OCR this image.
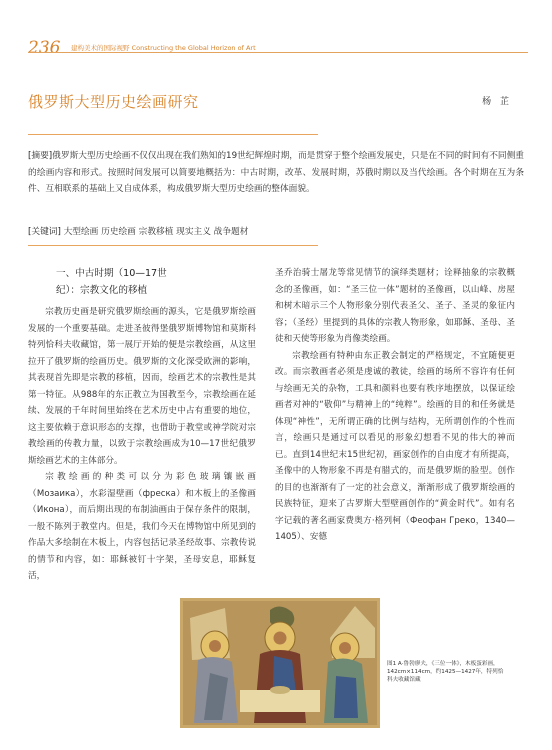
236 建构美术的国际视野 Constructing the Global Horizon of Art
俄罗斯大型历史绘画研究	杨 芷
[摘要]俄罗斯大型历史绘画不仅仅出现在我们熟知的19世纪辉煌时期，而是贯穿于整个绘画发展史，只是在不同的时间有不同侧重的绘画内容和形式。按照时间发展可以简要地概括为：中古时期，改革、发展时期，苏俄时期以及当代绘画。各个时期在互为条件、互相联系的基础上又自成体系，构成俄罗斯大型历史绘画的整体面貌。
[关键词] 大型绘画 历史绘画 宗教移植 现实主义 战争题材
一、中古时期（10—17世
纪）：宗教文化的移植

宗教历史画是研究俄罗斯绘画的源头，它是俄罗斯绘画发展的一个重要基础。走进圣彼得堡俄罗斯博物馆和莫斯科特列恰科夫收藏馆，第一展厅开始的便是宗教绘画，从这里拉开了俄罗斯的绘画历史。俄罗斯的文化深受欧洲的影响，其表现首先即是宗教的移植，因而，绘画艺术的宗教性是其第一特征。从988年的东正教立为国教至今，宗教绘画在延续、发展的千年时间里始终在艺术历史中占有重要的地位，这主要依赖于意识形态的支撑，也借助于教堂或神学院对宗教绘画的传教力量，以致于宗教绘画成为10—17世纪俄罗斯绘画艺术的主体部分。

宗教绘画的种类可以分为彩色玻璃镶嵌画（Мозаика），水彩湿壁画（фреска）和木板上的圣像画（Икона），而后期出现的布制油画由于保存条件的限制，一般不陈列于教堂内。但是，我们今天在博物馆中所见到的作品大多绘制在木板上，内容包括记录圣经故事、宗教传说的情节和内容，如：耶稣被钉十字架，圣母安息，耶稣复活，

圣乔治骑士屠龙等常见情节的演绎类题材；诠释抽象的宗教概念的圣像画，如：“圣三位一体”题材的圣像画，以山峰、房屋和树木暗示三个人物形象分别代表圣父、圣子、圣灵的象征内容；（圣经）里提到的具体的宗教人物形象，如耶稣、圣母、圣徒和天使等形象为肖像类绘画。

宗教绘画有特种由东正教会制定的严格规定，不宜随便更改。而宗教画者必须是虔诚的教徒，绘画的场所不容许有任何与绘画无关的杂物，工具和颜料也要有秩序地摆放，以保证绘画者对神的“敬仰”与精神上的“纯粹”。绘画的目的和任务就是体现“神性”，无所谓正确的比例与结构，无所谓创作的个性而言，绘画只是通过可以看见的形象幻想看不见的伟大的神而已。直到14世纪末15世纪初，画家创作的自由度才有所提高，圣像中的人物形象不再是有腊式的，而是俄罗斯的脸型。创作的目的也渐渐有了一定的社会意义，渐渐形成了俄罗斯绘画的民族特征，迎来了古罗斯大型壁画创作的“黄金时代”。如有名字记载的著名画家费奥方·格列柯（Феофан Греко，1340—1405）、安德

图1 A·鲁勃廖夫，《三位一体》，木板蛋彩画，142cm×114cm，约1425—1427年，特列恰科夫收藏馆藏
